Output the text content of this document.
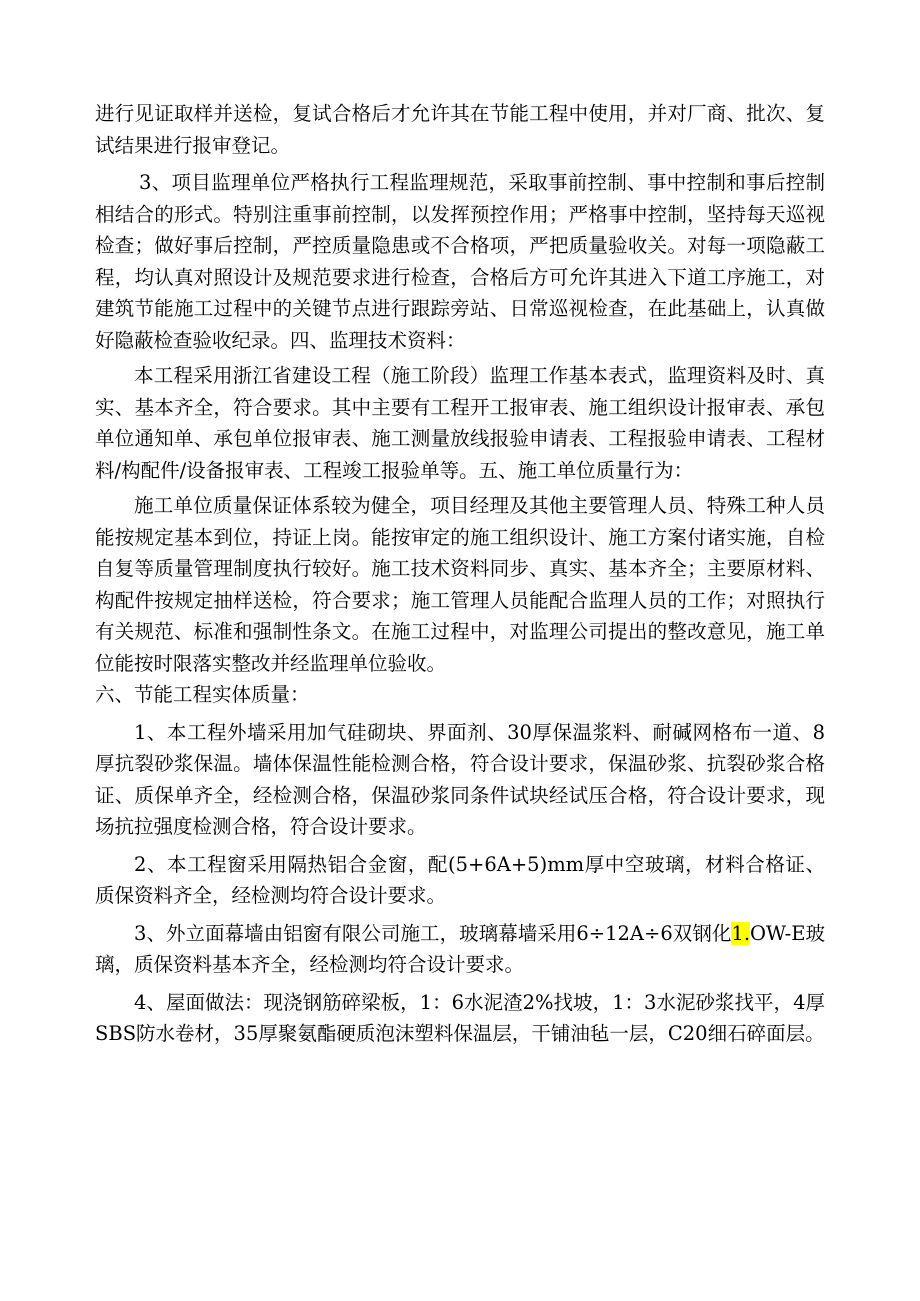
进行见证取样并送检，复试合格后才允许其在节能工程中使用，并对厂商、批次、复试结果进行报审登记。

3、项目监理单位严格执行工程监理规范，采取事前控制、事中控制和事后控制相结合的形式。特别注重事前控制，以发挥预控作用；严格事中控制，坚持每天巡视检查；做好事后控制，严控质量隐患或不合格项，严把质量验收关。对每一项隐蔽工程，均认真对照设计及规范要求进行检查，合格后方可允许其进入下道工序施工，对建筑节能施工过程中的关键节点进行跟踪旁站、日常巡视检查，在此基础上，认真做好隐蔽检查验收纪录。四、监理技术资料：

本工程采用浙江省建设工程（施工阶段）监理工作基本表式，监理资料及时、真实、基本齐全，符合要求。其中主要有工程开工报审表、施工组织设计报审表、承包单位通知单、承包单位报审表、施工测量放线报验申请表、工程报验申请表、工程材料/构配件/设备报审表、工程竣工报验单等。五、施工单位质量行为：

施工单位质量保证体系较为健全，项目经理及其他主要管理人员、特殊工种人员能按规定基本到位，持证上岗。能按审定的施工组织设计、施工方案付诸实施，自检自复等质量管理制度执行较好。施工技术资料同步、真实、基本齐全；主要原材料、构配件按规定抽样送检，符合要求；施工管理人员能配合监理人员的工作；对照执行有关规范、标准和强制性条文。在施工过程中，对监理公司提出的整改意见，施工单位能按时限落实整改并经监理单位验收。

六、节能工程实体质量：

1、本工程外墙采用加气硅砌块、界面剂、30厚保温浆料、耐碱网格布一道、8厚抗裂砂浆保温。墙体保温性能检测合格，符合设计要求，保温砂浆、抗裂砂浆合格证、质保单齐全，经检测合格，保温砂浆同条件试块经试压合格，符合设计要求，现场抗拉强度检测合格，符合设计要求。

2、本工程窗采用隔热铝合金窗，配(5+6A+5)mm厚中空玻璃，材料合格证、质保资料齐全，经检测均符合设计要求。

3、外立面幕墙由铝窗有限公司施工，玻璃幕墙采用6÷12A÷6双钢化1.OW-E玻璃，质保资料基本齐全，经检测均符合设计要求。

4、屋面做法：现浇钢筋碎梁板，1：6水泥渣2%找坡，1：3水泥砂浆找平，4厚SBS防水卷材，35厚聚氨酯硬质泡沫塑料保温层，干铺油毡一层，C20细石碎面层。
